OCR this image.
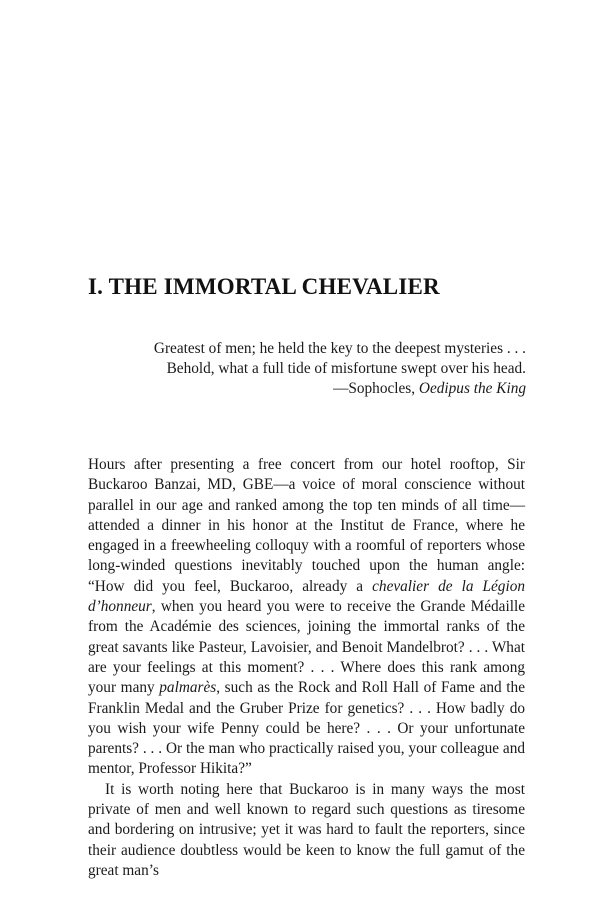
I. THE IMMORTAL CHEVALIER
Greatest of men; he held the key to the deepest mysteries . . .
Behold, what a full tide of misfortune swept over his head.
—Sophocles, Oedipus the King

Hours after presenting a free concert from our hotel rooftop, Sir Buckaroo Banzai, MD, GBE—a voice of moral conscience without parallel in our age and ranked among the top ten minds of all time—attended a dinner in his honor at the Institut de France, where he engaged in a freewheeling colloquy with a roomful of reporters whose long-winded questions inevitably touched upon the human angle: “How did you feel, Buckaroo, already a chevalier de la Légion d’honneur, when you heard you were to receive the Grande Médaille from the Académie des sciences, joining the immortal ranks of the great savants like Pasteur, Lavoisier, and Benoit Mandelbrot? . . . What are your feelings at this moment? . . . Where does this rank among your many palmarès, such as the Rock and Roll Hall of Fame and the Franklin Medal and the Gruber Prize for genetics? . . . How badly do you wish your wife Penny could be here? . . . Or your unfortunate parents? . . . Or the man who practically raised you, your colleague and mentor, Professor Hikita?”

It is worth noting here that Buckaroo is in many ways the most private of men and well known to regard such questions as tiresome and bordering on intrusive; yet it was hard to fault the reporters, since their audience doubtless would be keen to know the full gamut of the great man’s
